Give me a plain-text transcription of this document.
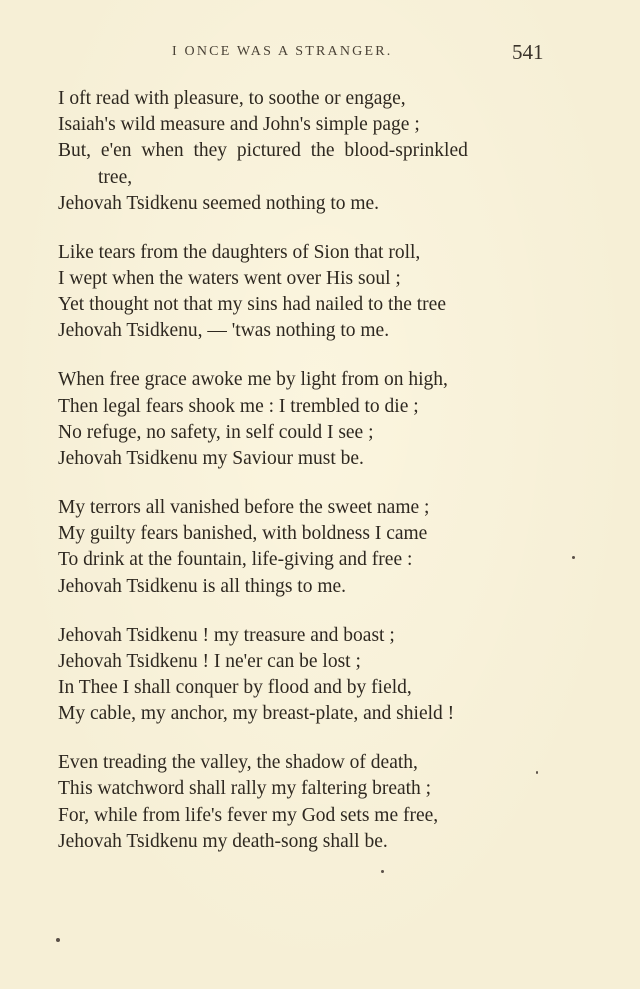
I ONCE WAS A STRANGER.	541
I oft read with pleasure, to soothe or engage,
Isaiah's wild measure and John's simple page ;
But, e'en when they pictured the blood-sprinkled
tree,
Jehovah Tsidkenu seemed nothing to me.
Like tears from the daughters of Sion that roll,
I wept when the waters went over His soul ;
Yet thought not that my sins had nailed to the tree
Jehovah Tsidkenu, — 'twas nothing to me.
When free grace awoke me by light from on high,
Then legal fears shook me : I trembled to die ;
No refuge, no safety, in self could I see ;
Jehovah Tsidkenu my Saviour must be.
My terrors all vanished before the sweet name ;
My guilty fears banished, with boldness I came
To drink at the fountain, life-giving and free :
Jehovah Tsidkenu is all things to me.
Jehovah Tsidkenu ! my treasure and boast ;
Jehovah Tsidkenu ! I ne'er can be lost ;
In Thee I shall conquer by flood and by field,
My cable, my anchor, my breast-plate, and shield !
Even treading the valley, the shadow of death,
This watchword shall rally my faltering breath ;
For, while from life's fever my God sets me free,
Jehovah Tsidkenu my death-song shall be.
